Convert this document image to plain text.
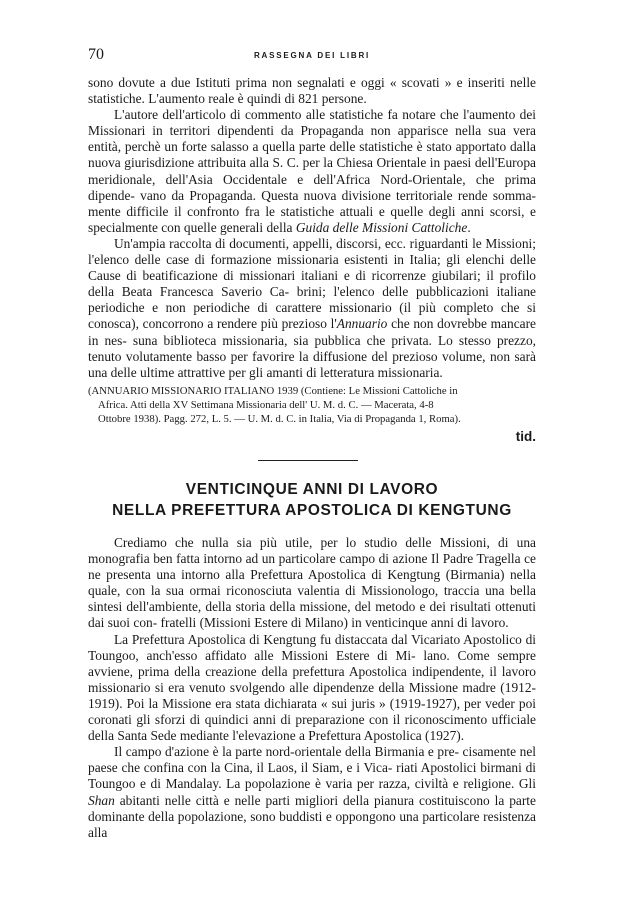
70	RASSEGNA DEI LIBRI

sono dovute a due Istituti prima non segnalati e oggi « scovati » e inseriti nelle statistiche. L'aumento reale è quindi di 821 persone.

L'autore dell'articolo di commento alle statistiche fa notare che l'aumento dei Missionari in territori dipendenti da Propaganda non apparisce nella sua vera entità, perchè un forte salasso a quella parte delle statistiche è stato apportato dalla nuova giurisdizione attribuita alla S. C. per la Chiesa Orientale in paesi dell'Europa meridionale, dell'Asia Occidentale e dell'Africa Nord-Orientale, che prima dipende- vano da Propaganda. Questa nuova divisione territoriale rende somma- mente difficile il confronto fra le statistiche attuali e quelle degli anni scorsi, e specialmente con quelle generali della Guida delle Missioni Cattoliche.

Un'ampia raccolta di documenti, appelli, discorsi, ecc. riguardanti le Missioni; l'elenco delle case di formazione missionaria esistenti in Italia; gli elenchi delle Cause di beatificazione di missionari italiani e di ricorrenze giubilari; il profilo della Beata Francesca Saverio Ca- brini; l'elenco delle pubblicazioni italiane periodiche e non periodiche di carattere missionario (il più completo che si conosca), concorrono a rendere più prezioso l'Annuario che non dovrebbe mancare in nes- suna biblioteca missionaria, sia pubblica che privata. Lo stesso prezzo, tenuto volutamente basso per favorire la diffusione del prezioso volume, non sarà una delle ultime attrattive per gli amanti di letteratura missionaria.

(ANNUARIO MISSIONARIO ITALIANO 1939 (Contiene: Le Missioni Cattoliche in
Africa. Atti della XV Settimana Missionaria dell' U. M. d. C. — Macerata, 4-8
Ottobre 1938). Pagg. 272, L. 5. — U. M. d. C. in Italia, Via di Propaganda 1, Roma).
tid.
VENTICINQUE ANNI DI LAVORO
NELLA PREFETTURA APOSTOLICA DI KENGTUNG

Crediamo che nulla sia più utile, per lo studio delle Missioni, di una monografia ben fatta intorno ad un particolare campo di azione Il Padre Tragella ce ne presenta una intorno alla Prefettura Apostolica di Kengtung (Birmania) nella quale, con la sua ormai riconosciuta valentia di Missionologo, traccia una bella sintesi dell'ambiente, della storia della missione, del metodo e dei risultati ottenuti dai suoi con- fratelli (Missioni Estere di Milano) in venticinque anni di lavoro.

La Prefettura Apostolica di Kengtung fu distaccata dal Vicariato Apostolico di Toungoo, anch'esso affidato alle Missioni Estere di Mi- lano. Come sempre avviene, prima della creazione della prefettura Apostolica indipendente, il lavoro missionario si era venuto svolgendo alle dipendenze della Missione madre (1912-1919). Poi la Missione era stata dichiarata « sui juris » (1919-1927), per veder poi coronati gli sforzi di quindici anni di preparazione con il riconoscimento ufficiale della Santa Sede mediante l'elevazione a Prefettura Apostolica (1927).

Il campo d'azione è la parte nord-orientale della Birmania e pre- cisamente nel paese che confina con la Cina, il Laos, il Siam, e i Vica- riati Apostolici birmani di Toungoo e di Mandalay. La popolazione è varia per razza, civiltà e religione. Gli Shan abitanti nelle città e nelle parti migliori della pianura costituiscono la parte dominante della popolazione, sono buddisti e oppongono una particolare resistenza alla
